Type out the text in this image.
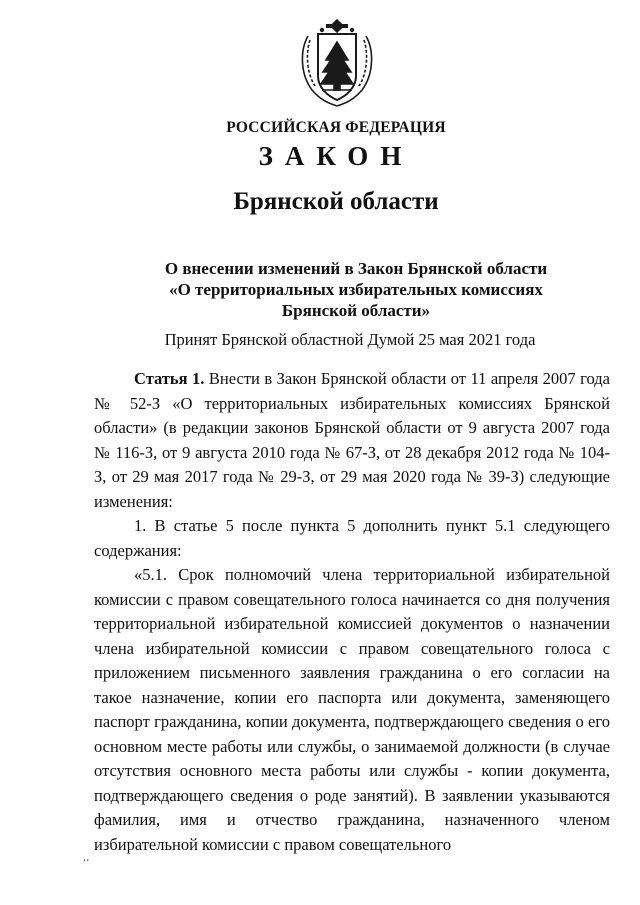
РОССИЙСКАЯ ФЕДЕРАЦИЯ
ЗАКОН
Брянской области
О внесении изменений в Закон Брянской области
«О территориальных избирательных комиссиях
Брянской области»
Принят Брянской областной Думой 25 мая 2021 года

Статья 1. Внести в Закон Брянской области от 11 апреля 2007 года № 52-З «О территориальных избирательных комиссиях Брянской области» (в редакции законов Брянской области от 9 августа 2007 года № 116-З, от 9 августа 2010 года № 67-З, от 28 декабря 2012 года № 104-З, от 29 мая 2017 года № 29-З, от 29 мая 2020 года № 39-З) следующие изменения:

1. В статье 5 после пункта 5 дополнить пункт 5.1 следующего содержания:

«5.1. Срок полномочий члена территориальной избирательной комиссии с правом совещательного голоса начинается со дня получения территориальной избирательной комиссией документов о назначении члена избирательной комиссии с правом совещательного голоса с приложением письменного заявления гражданина о его согласии на такое назначение, копии его паспорта или документа, заменяющего паспорт гражданина, копии документа, подтверждающего сведения о его основном месте работы или службы, о занимаемой должности (в случае отсутствия основного места работы или службы - копии документа, подтверждающего сведения о роде занятий). В заявлении указываются фамилия, имя и отчество гражданина, назначенного членом избирательной комиссии с правом совещательного

‘’
